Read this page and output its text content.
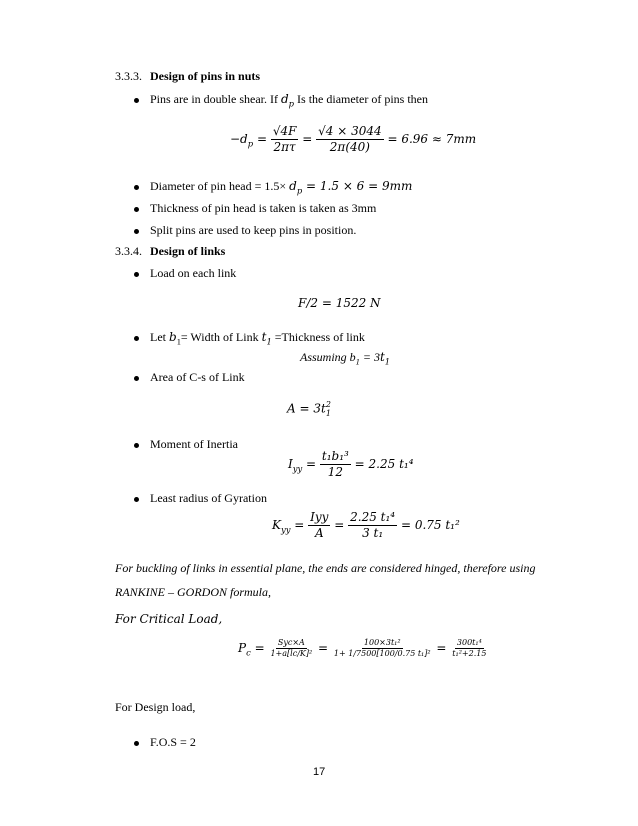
3.3.3. Design of pins in nuts
Pins are in double shear. If $d_p$ Is the diameter of pins then
$-d_p = \frac{√4F}{2\pi\tau} = \frac{√4 \times 3044}{2\pi(40)} = 6.96 \approx 7mm$
Diameter of pin head = $1.5\times d_p = 1.5 \times 6 = 9mm$
Thickness of pin head is taken is taken as 3mm
Split pins are used to keep pins in position.
3.3.4. Design of links
Load on each link
F/2 = 1522 N
Let $b_1=$ Width of Link $t_1$ =Thickness of link
Assuming $b_1 = 3t_1$
Area of C-s of Link
A = 3t 2
1
Moment of Inertia
$I_{yy} = \frac{\text{t₁b₁³}}{12} = 2.25$ t₁⁴
Least radius of Gyration
$K_{yy} = \frac{\text{Iyy}}{A} = \frac{\text{2.25 t₁⁴}}{\text{3 t₁}} = 0.75$ t₁²
For buckling of links in essential plane, the ends are considered hinged, therefore using
RANKINE – GORDON formula,
For Critical Load,
$P_c = \frac{\text{Syc×A}}{\text{1+a[lc/K]²}} = \frac{\text{100×3t₁²}}{\text{1+ 1/7500[100/0.75 t₁]²}} = \frac{\text{300t₁⁴}}{\text{t₁²+2.15}}$
For Design load,
F.O.S = 2
17
